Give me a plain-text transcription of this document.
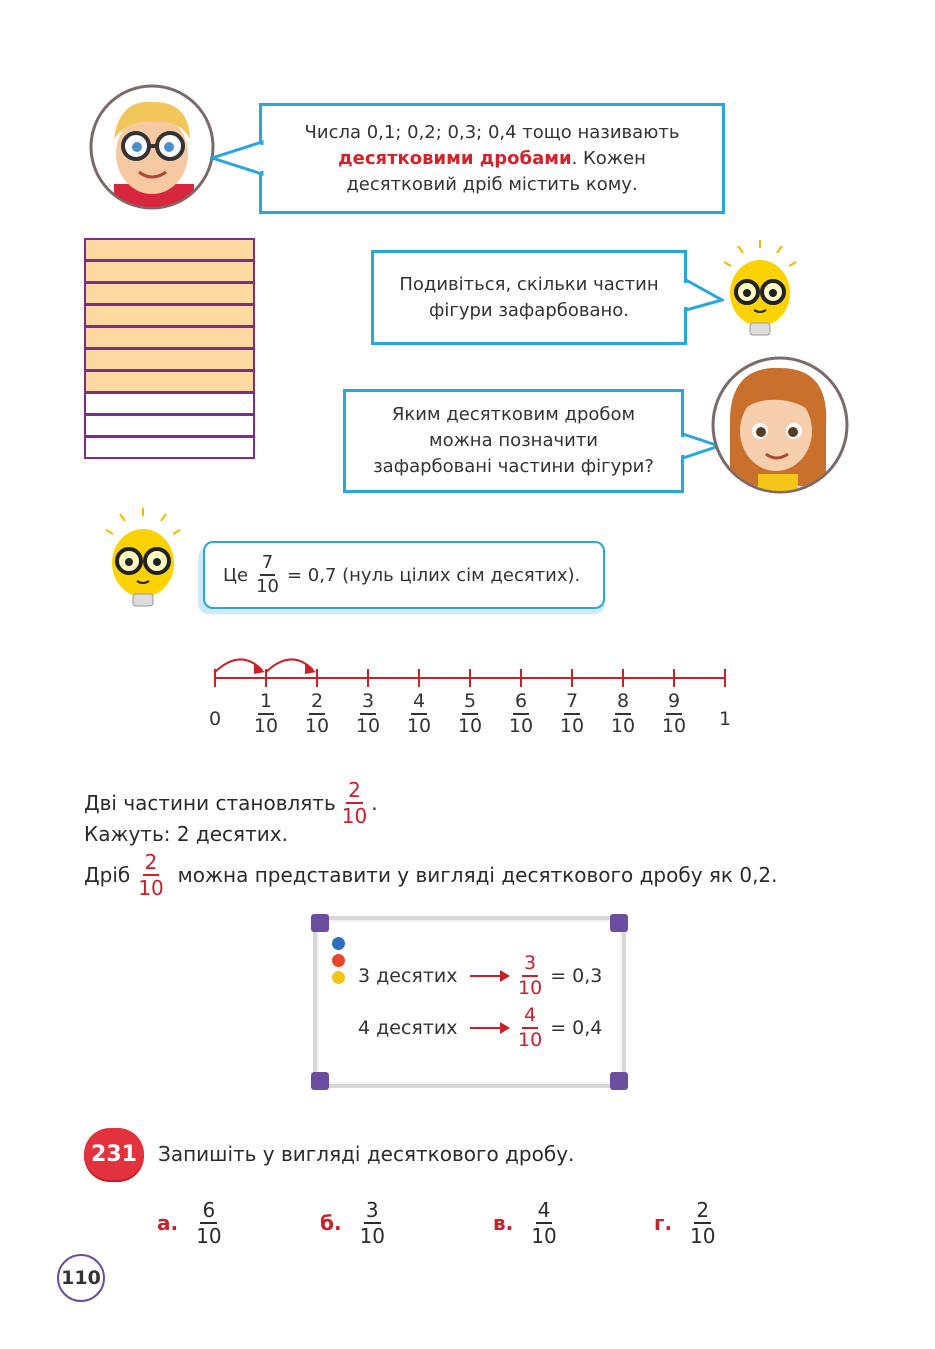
Числа 0,1; 0,2; 0,3; 0,4 тощо називають
десятковими дробами. Кожен
десятковий дріб містить кому.
Подивіться, скільки частин
фігури зафарбовано.
Яким десятковим дробом
можна позначити
зафарбовані частини фігури?
Це $\frac{7}{10} = 0,7$ (нуль цілих сім десятих).
0	1
$\frac{1}{10} \frac{2}{10} \frac{3}{10} \frac{4}{10} \frac{5}{10} \frac{6}{10} \frac{7}{10} \frac{8}{10} \frac{9}{10}$
Дві частини становлять $\frac{2}{10}$ .
Кажуть: 2 десятих.
Дріб $\frac{2}{10}$ можна представити у вигляді десяткового дробу як 0,2.
3 десятих	$\frac{3}{10} = 0,3$
4 десятих	$\frac{4}{10} = 0,4$
231	Запишіть у вигляді десяткового дробу.
а. $\frac{6}{10}$	б. $\frac{3}{10}$	в. $\frac{4}{10}$	г. $\frac{2}{10}$
110
